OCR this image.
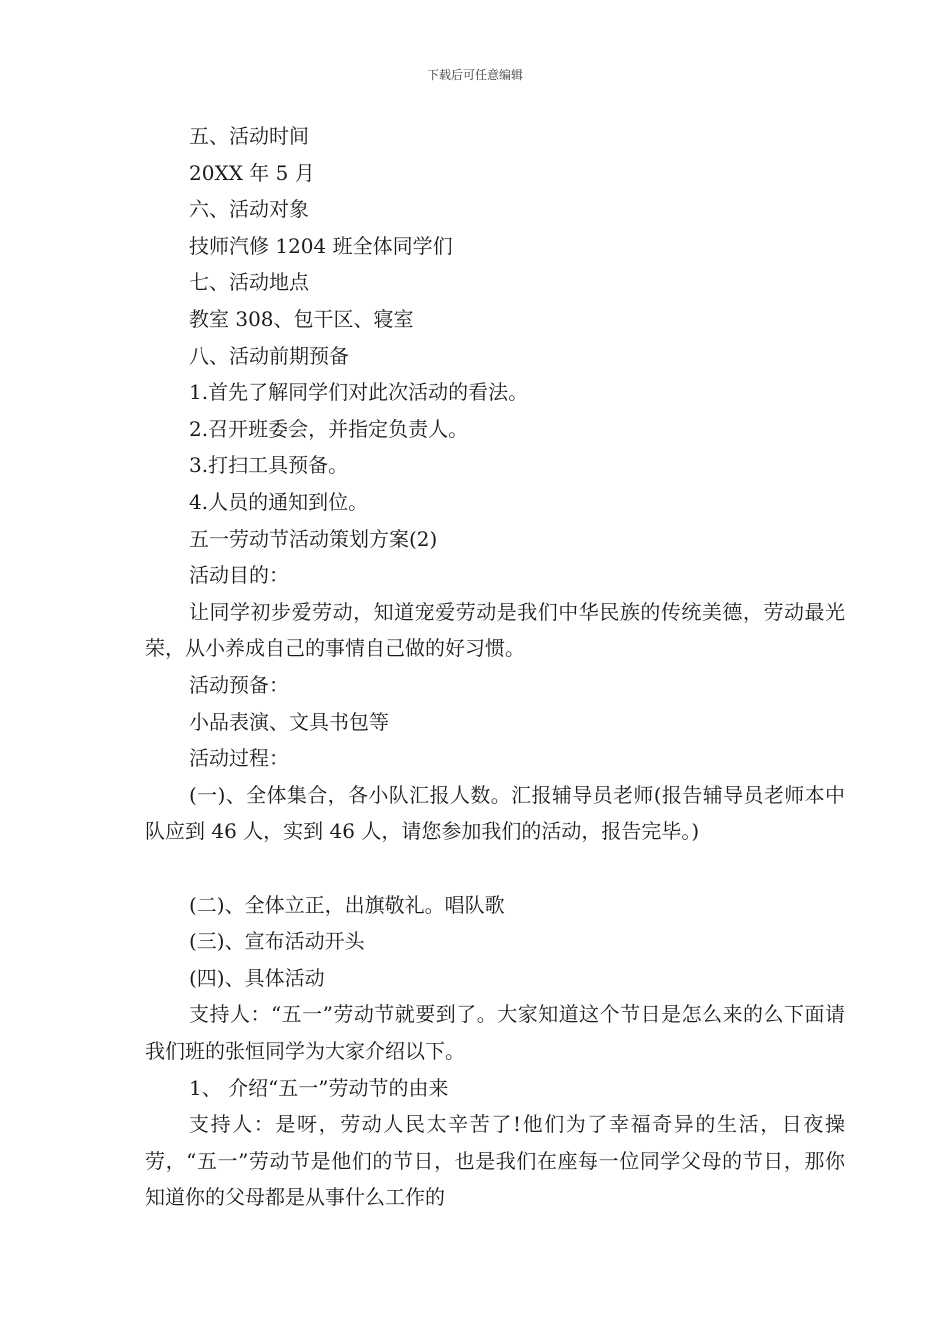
下载后可任意编辑
五、活动时间
20XX 年 5 月
六、活动对象
技师汽修 1204 班全体同学们
七、活动地点
教室 308、包干区、寝室
八、活动前期预备
1.首先了解同学们对此次活动的看法。
2.召开班委会，并指定负责人。
3.打扫工具预备。
4.人员的通知到位。
五一劳动节活动策划方案(2)
活动目的：
让同学初步爱劳动，知道宠爱劳动是我们中华民族的传统美德，劳动最光荣，从小养成自己的事情自己做的好习惯。
活动预备：
小品表演、文具书包等
活动过程：
(一)、全体集合，各小队汇报人数。汇报辅导员老师(报告辅导员老师本中队应到 46 人，实到 46 人，请您参加我们的活动，报告完毕。)
(二)、全体立正，出旗敬礼。唱队歌
(三)、宣布活动开头
(四)、具体活动
支持人：“五一”劳动节就要到了。大家知道这个节日是怎么来的么下面请我们班的张恒同学为大家介绍以下。
1、 介绍“五一”劳动节的由来
支持人：是呀，劳动人民太辛苦了!他们为了幸福奇异的生活，日夜操劳，“五一”劳动节是他们的节日，也是我们在座每一位同学父母的节日，那你知道你的父母都是从事什么工作的
